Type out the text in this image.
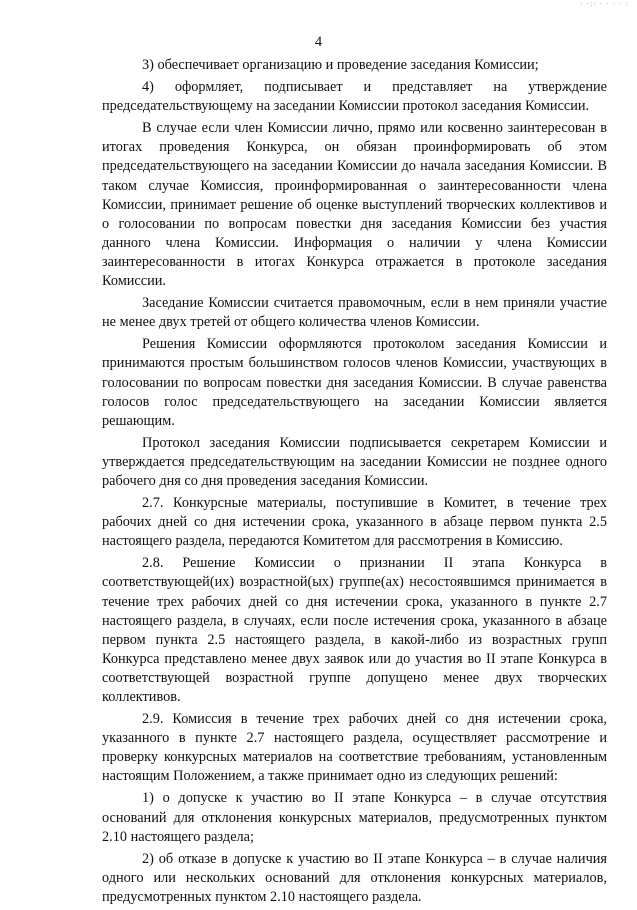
· ·:· · · · · :
4

3) обеспечивает организацию и проведение заседания Комиссии;

4) оформляет, подписывает и представляет на утверждение председательствующему на заседании Комиссии протокол заседания Комиссии.

В случае если член Комиссии лично, прямо или косвенно заинтересован в итогах проведения Конкурса, он обязан проинформировать об этом председательствующего на заседании Комиссии до начала заседания Комиссии. В таком случае Комиссия, проинформированная о заинтересованности члена Комиссии, принимает решение об оценке выступлений творческих коллективов и о голосовании по вопросам повестки дня заседания Комиссии без участия данного члена Комиссии. Информация о наличии у члена Комиссии заинтересованности в итогах Конкурса отражается в протоколе заседания Комиссии.

Заседание Комиссии считается правомочным, если в нем приняли участие не менее двух третей от общего количества членов Комиссии.

Решения Комиссии оформляются протоколом заседания Комиссии и принимаются простым большинством голосов членов Комиссии, участвующих в голосовании по вопросам повестки дня заседания Комиссии. В случае равенства голосов голос председательствующего на заседании Комиссии является решающим.

Протокол заседания Комиссии подписывается секретарем Комиссии и утверждается председательствующим на заседании Комиссии не позднее одного рабочего дня со дня проведения заседания Комиссии.

2.7. Конкурсные материалы, поступившие в Комитет, в течение трех рабочих дней со дня истечении срока, указанного в абзаце первом пункта 2.5 настоящего раздела, передаются Комитетом для рассмотрения в Комиссию.

2.8. Решение Комиссии о признании II этапа Конкурса в соответствующей(их) возрастной(ых) группе(ах) несостоявшимся принимается в течение трех рабочих дней со дня истечении срока, указанного в пункте 2.7 настоящего раздела, в случаях, если после истечения срока, указанного в абзаце первом пункта 2.5 настоящего раздела, в какой-либо из возрастных групп Конкурса представлено менее двух заявок или до участия во II этапе Конкурса в соответствующей возрастной группе допущено менее двух творческих коллективов.

2.9. Комиссия в течение трех рабочих дней со дня истечении срока, указанного в пункте 2.7 настоящего раздела, осуществляет рассмотрение и проверку конкурсных материалов на соответствие требованиям, установленным настоящим Положением, а также принимает одно из следующих решений:

1) о допуске к участию во II этапе Конкурса – в случае отсутствия оснований для отклонения конкурсных материалов, предусмотренных пунктом 2.10 настоящего раздела;

2) об отказе в допуске к участию во II этапе Конкурса – в случае наличия одного или нескольких оснований для отклонения конкурсных материалов, предусмотренных пунктом 2.10 настоящего раздела.
